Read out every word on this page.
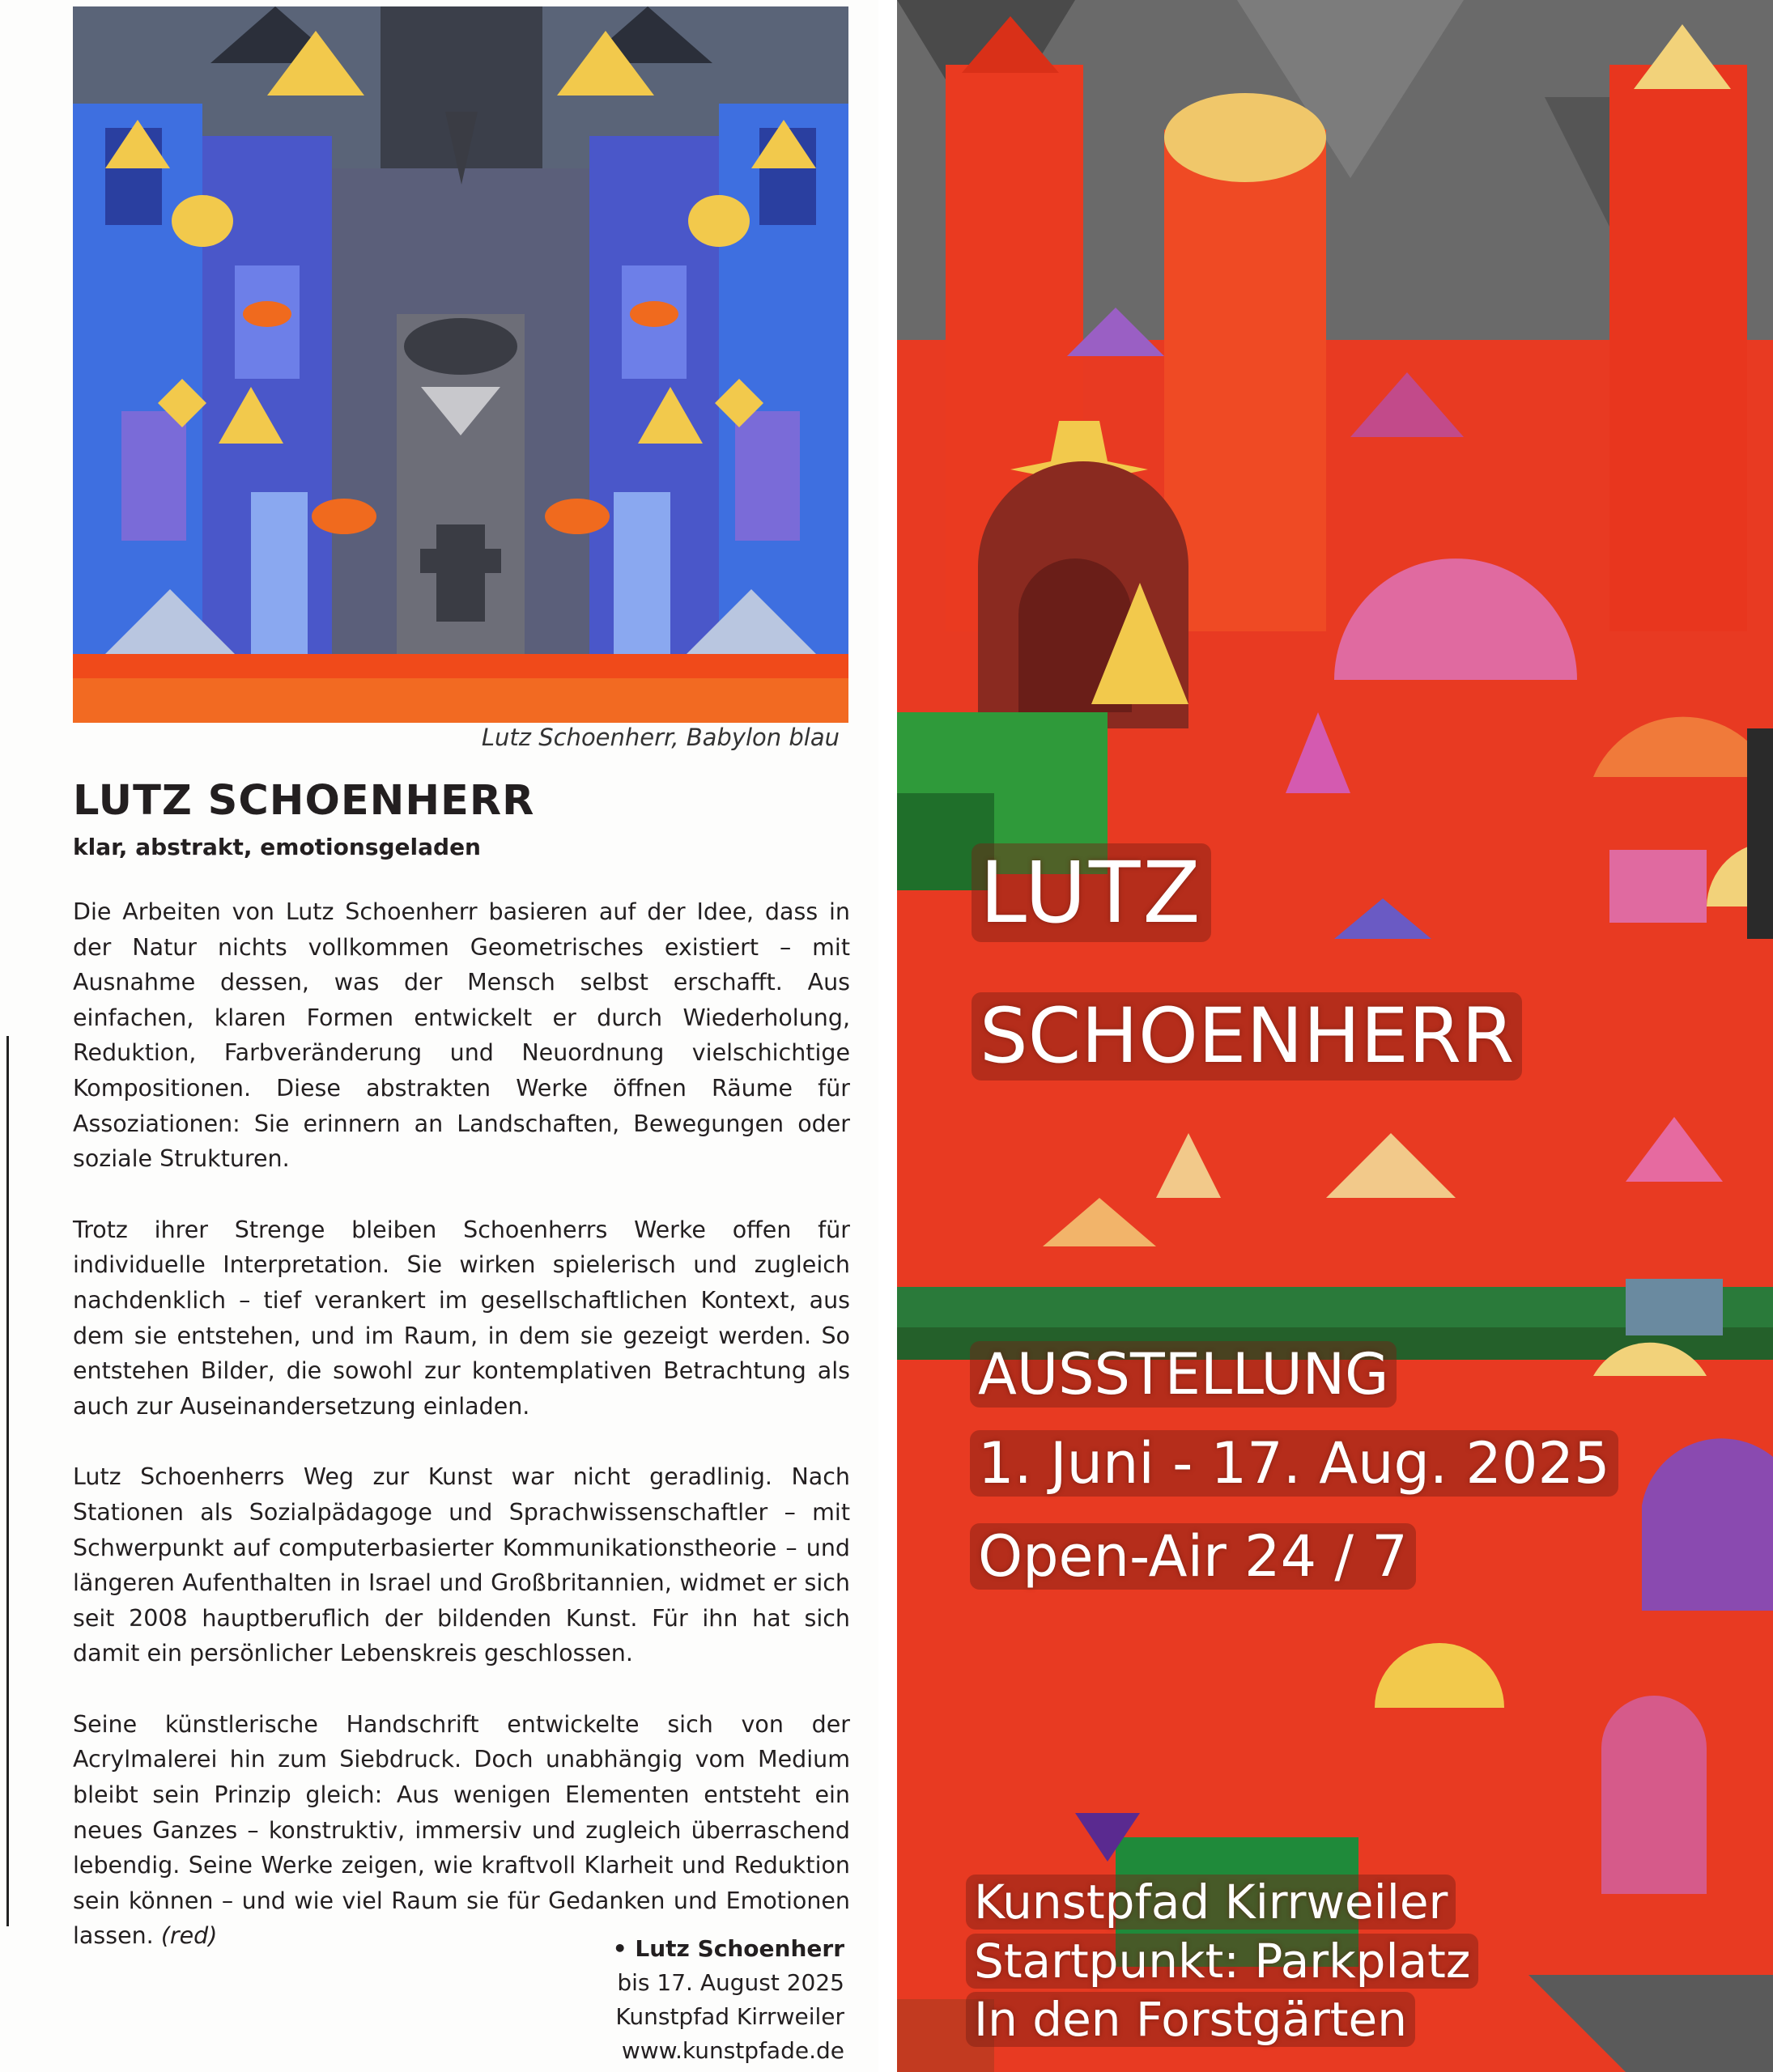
Lutz Schoenherr, Babylon blau
LUTZ SCHOENHERR
klar, abstrakt, emotionsgeladen

Die Arbeiten von Lutz Schoenherr basieren auf der Idee, dass in der Natur nichts vollkommen Geometrisches existiert – mit Ausnahme dessen, was der Mensch selbst erschafft. Aus einfachen, klaren Formen entwickelt er durch Wiederholung, Reduktion, Farbveränderung und Neuordnung vielschichtige Kompositionen. Diese abstrakten Werke öffnen Räume für Assoziationen: Sie erinnern an Landschaften, Bewegungen oder soziale Strukturen.

Trotz ihrer Strenge bleiben Schoenherrs Werke offen für individuelle Interpretation. Sie wirken spielerisch und zugleich nachdenklich – tief verankert im gesellschaftlichen Kontext, aus dem sie entstehen, und im Raum, in dem sie gezeigt werden. So entstehen Bilder, die sowohl zur kontemplativen Betrachtung als auch zur Auseinandersetzung einladen.

Lutz Schoenherrs Weg zur Kunst war nicht geradlinig. Nach Stationen als Sozialpädagoge und Sprachwissenschaftler – mit Schwerpunkt auf computerbasierter Kommunikationstheorie – und längeren Aufenthalten in Israel und Großbritannien, widmet er sich seit 2008 hauptberuflich der bildenden Kunst. Für ihn hat sich damit ein persönlicher Lebenskreis geschlossen.

Seine künstlerische Handschrift entwickelte sich von der Acrylmalerei hin zum Siebdruck. Doch unabhängig vom Medium bleibt sein Prinzip gleich: Aus wenigen Elementen entsteht ein neues Ganzes – konstruktiv, immersiv und zugleich überraschend lebendig. Seine Werke zeigen, wie kraftvoll Klarheit und Reduktion sein können – und wie viel Raum sie für Gedanken und Emotionen lassen. (red)	• Lutz Schoenherr
bis 17. August 2025
Kunstpfad Kirrweiler
www.kunstpfade.de
LUTZ
SCHOENHERR
AUSSTELLUNG
1. Juni - 17. Aug. 2025
Open-Air 24 / 7
Kunstpfad Kirrweiler
Startpunkt: Parkplatz
In den Forstgärten
